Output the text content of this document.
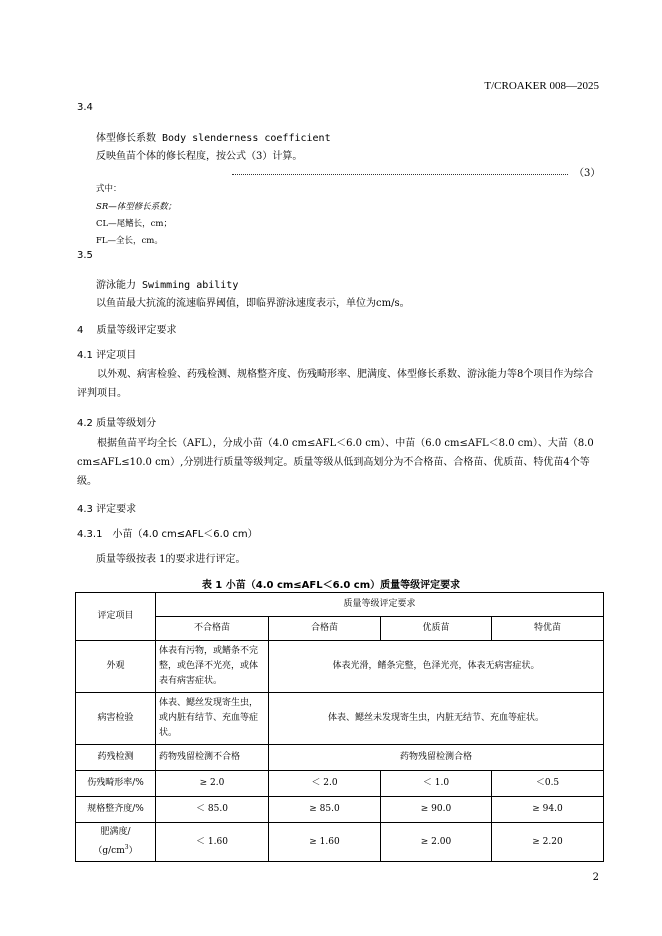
T/CROAKER 008—2025
3.4
体型修长系数 Body slenderness coefficient
反映鱼苗个体的修长程度，按公式（3）计算。
（3）
式中：
SR—体型修长系数；
CL—尾鳍长，cm；
FL—全长，cm。
3.5
游泳能力 Swimming ability
以鱼苗最大抗流的流速临界阈值，即临界游泳速度表示，单位为cm/s。
4　 质量等级评定要求
4.1 评定项目
以外观、病害检验、药残检测、规格整齐度、伤残畸形率、肥满度、体型修长系数、游泳能力等8个项目作为综合评判项目。
4.2 质量等级划分
根据鱼苗平均全长（AFL），分成小苗（4.0 cm≤AFL＜6.0 cm）、中苗（6.0 cm≤AFL＜8.0 cm）、大苗（8.0 cm≤AFL≤10.0 cm）,分别进行质量等级判定。质量等级从低到高划分为不合格苗、合格苗、优质苗、特优苗4个等级。
4.3 评定要求
4.3.1　小苗（4.0 cm≤AFL＜6.0 cm）
质量等级按表 1的要求进行评定。
表 1 小苗（4.0 cm≤AFL＜6.0 cm）质量等级评定要求
评定项目	质量等级评定要求			
	不合格苗	合格苗	优质苗	特优苗
外观	体表有污物，或鳍条不完整，或色泽不光亮，或体表有病害症状。	体表光滑，鳍条完整，色泽光亮，体表无病害症状。		
病害检验	体表、鳃丝发现寄生虫，或内脏有结节、充血等症状。	体表、鳃丝未发现寄生虫，内脏无结节、充血等症状。		
药残检测	药物残留检测不合格	药物残留检测合格		
伤残畸形率/%	≥ 2.0	＜ 2.0	＜ 1.0	＜0.5
规格整齐度/%	＜ 85.0	≥ 85.0	≥ 90.0	≥ 94.0
肥满度/
$(g/cm^3)$	＜ 1.60	≥ 1.60	≥ 2.00	≥ 2.20
2
